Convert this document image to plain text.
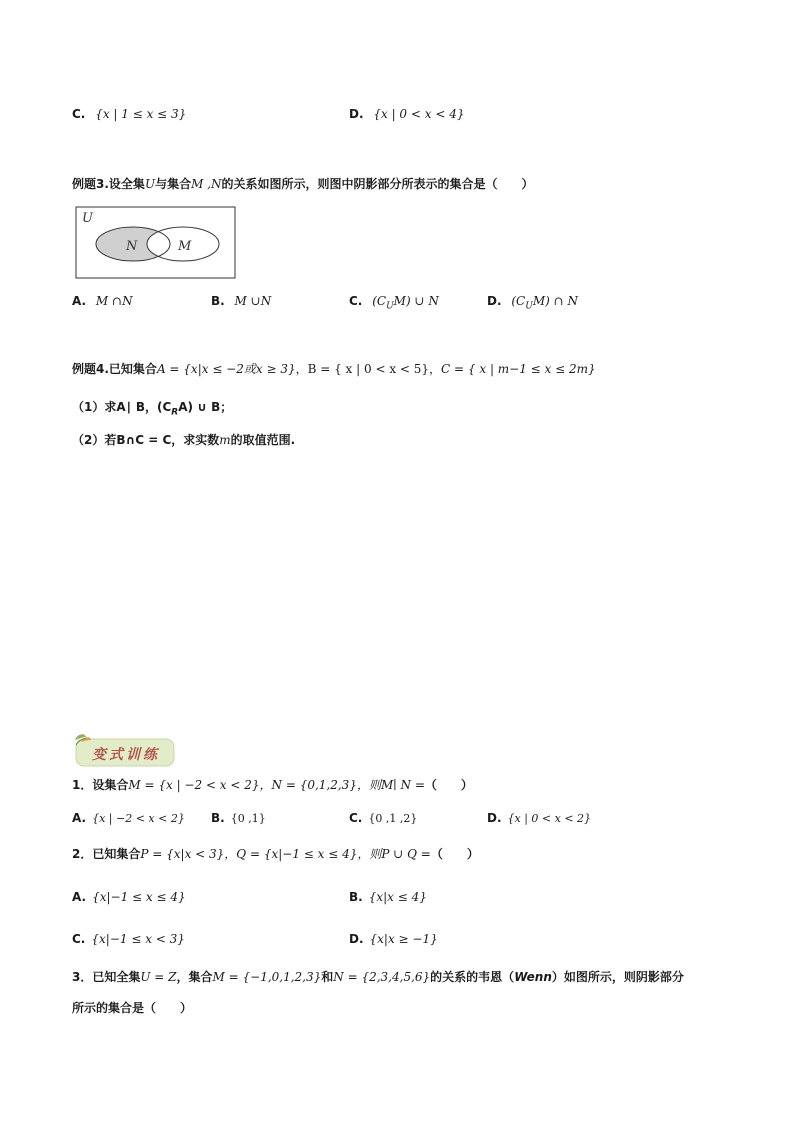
C. {x | 1 ≤ x ≤ 3}	D. {x | 0 < x < 4}
例题3.设全集U与集合M ,N的关系如图所示，则图中阴影部分所表示的集合是（　　）
U
N	M
A. M ∩N	B. M ∪N	C. $(C_UM)$ ∪ N	D. $(C_UM)$ ∩ N
例题4.已知集合A = {x|x ≤ −2或x ≥ 3}，B = { x | 0 < x < 5}，C = { x | m−1 ≤ x ≤ 2m}
（1）求A∣ B，$(C_RA)$ ∪ B；
（2）若B∩C = C，求实数m的取值范围.
变式训练
1．设集合M = {x | −2 < x < 2}，N = {0,1,2,3}，则M∣ N =（　　）
A. {x | −2 < x < 2} B. {0 ,1}	C. {0 ,1 ,2}	D. {x | 0 < x < 2}
2．已知集合P = {x|x < 3}，Q = {x|−1 ≤ x ≤ 4}，则P ∪ Q =（　　）
A. {x|−1 ≤ x ≤ 4}	B. {x|x ≤ 4}
C. {x|−1 ≤ x < 3}	D. {x|x ≥ −1}
3．已知全集U = Z，集合M = {−1,0,1,2,3}和N = {2,3,4,5,6}的关系的韦恩（Wenn）如图所示，则阴影部分
所示的集合是（　　）
